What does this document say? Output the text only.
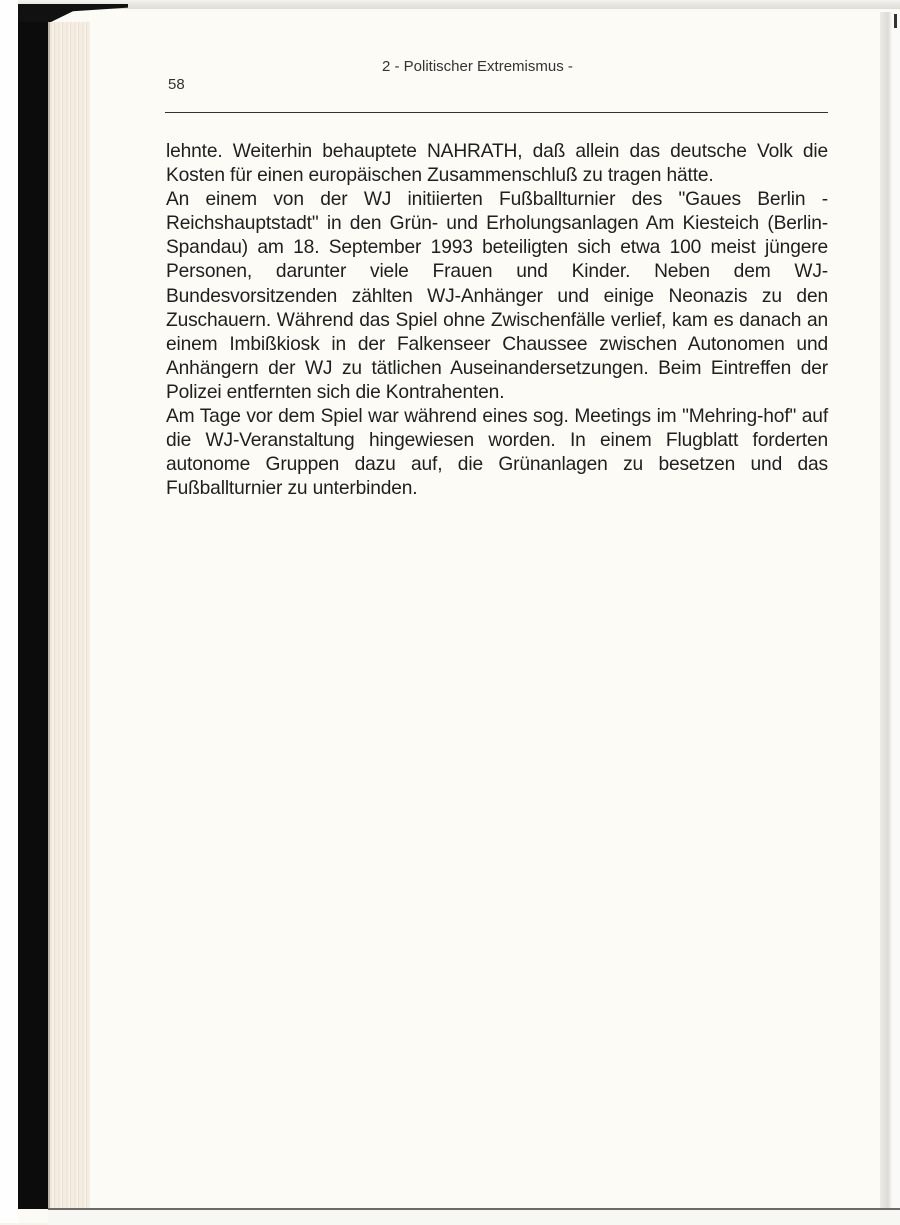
58
2 - Politischer Extremismus -

lehnte. Weiterhin behauptete NAHRATH, daß allein das deutsche Volk die Kosten für einen europäischen Zusammenschluß zu tragen hätte.

An einem von der WJ initiierten Fußballturnier des "Gaues Berlin - Reichshauptstadt" in den Grün- und Erholungsanlagen Am Kiesteich (Berlin-Spandau) am 18. September 1993 beteiligten sich etwa 100 meist jüngere Personen, darunter viele Frauen und Kinder. Neben dem WJ-Bundesvorsitzenden zählten WJ-Anhänger und einige Neonazis zu den Zuschauern. Während das Spiel ohne Zwischenfälle verlief, kam es danach an einem Imbißkiosk in der Falkenseer Chaussee zwischen Autonomen und Anhängern der WJ zu tätlichen Auseinandersetzungen. Beim Eintreffen der Polizei entfernten sich die Kontrahenten.

Am Tage vor dem Spiel war während eines sog. Meetings im "Mehring-hof" auf die WJ-Veranstaltung hingewiesen worden. In einem Flugblatt forderten autonome Gruppen dazu auf, die Grünanlagen zu besetzen und das Fußballturnier zu unterbinden.
